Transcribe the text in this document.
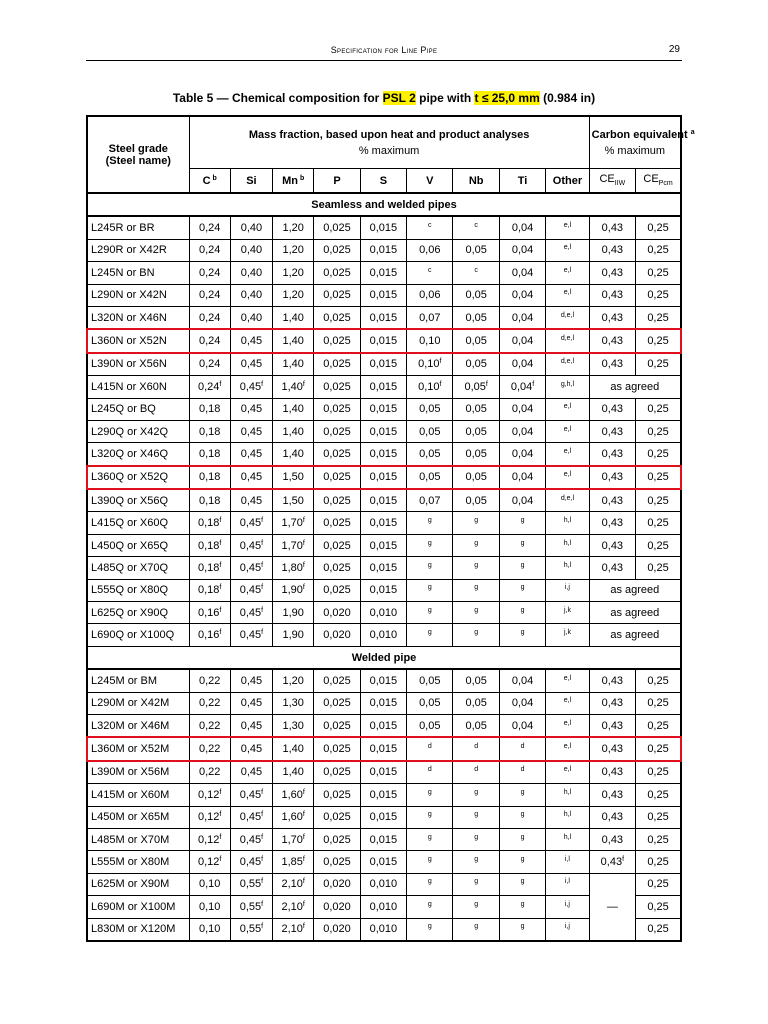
Specification for Line Pipe	29
Table 5 — Chemical composition for PSL 2 pipe with t ≤ 25,0 mm (0.984 in)
Steel grade
(Steel name)	Mass fraction, based upon heat and product analyses
% maximum									Carbon equivalent $^a$
% maximum	

	C $^b$	Si	Mn $^b$	P	S	V	Nb	Ti	Other	$CE_{IIW}$	$CE_{Pcm}$
Seamless and welded pipes											
L245R or BR	0,24	0,40	1,20	0,025	0,015	$^c$	$^c$	0,04	$^{e,l}$	0,43	0,25
L290R or X42R	0,24	0,40	1,20	0,025	0,015	0,06	0,05	0,04	$^{e,l}$	0,43	0,25
L245N or BN	0,24	0,40	1,20	0,025	0,015	$^c$	$^c$	0,04	$^{e,l}$	0,43	0,25
L290N or X42N	0,24	0,40	1,20	0,025	0,015	0,06	0,05	0,04	$^{e,l}$	0,43	0,25
L320N or X46N	0,24	0,40	1,40	0,025	0,015	0,07	0,05	0,04	$^{d,e,l}$	0,43	0,25
L360N or X52N	0,24	0,45	1,40	0,025	0,015	0,10	0,05	0,04	$^{d,e,l}$	0,43	0,25
L390N or X56N	0,24	0,45	1,40	0,025	0,015	0,10$^f$	0,05	0,04	$^{d,e,l}$	0,43	0,25
L415N or X60N	0,24$^f$	0,45$^f$	1,40$^f$	0,025	0,015	0,10$^f$	0,05$^f$	0,04$^f$	$^{g,h,l}$	as agreed	
L245Q or BQ	0,18	0,45	1,40	0,025	0,015	0,05	0,05	0,04	$^{e,l}$	0,43	0,25
L290Q or X42Q	0,18	0,45	1,40	0,025	0,015	0,05	0,05	0,04	$^{e,l}$	0,43	0,25
L320Q or X46Q	0,18	0,45	1,40	0,025	0,015	0,05	0,05	0,04	$^{e,l}$	0,43	0,25
L360Q or X52Q	0,18	0,45	1,50	0,025	0,015	0,05	0,05	0,04	$^{e,l}$	0,43	0,25
L390Q or X56Q	0,18	0,45	1,50	0,025	0,015	0,07	0,05	0,04	$^{d,e,l}$	0,43	0,25
L415Q or X60Q	0,18$^f$	0,45$^f$	1,70$^f$	0,025	0,015	$^g$	$^g$	$^g$	$^{h,l}$	0,43	0,25
L450Q or X65Q	0,18$^f$	0,45$^f$	1,70$^f$	0,025	0,015	$^g$	$^g$	$^g$	$^{h,l}$	0,43	0,25
L485Q or X70Q	0,18$^f$	0,45$^f$	1,80$^f$	0,025	0,015	$^g$	$^g$	$^g$	$^{h,l}$	0,43	0,25
L555Q or X80Q	0,18$^f$	0,45$^f$	1,90$^f$	0,025	0,015	$^g$	$^g$	$^g$	$^{i,j}$	as agreed	
L625Q or X90Q	0,16$^f$	0,45$^f$	1,90	0,020	0,010	$^g$	$^g$	$^g$	$^{j,k}$	as agreed	
L690Q or X100Q	0,16$^f$	0,45$^f$	1,90	0,020	0,010	$^g$	$^g$	$^g$	$^{j,k}$	as agreed	
Welded pipe											
L245M or BM	0,22	0,45	1,20	0,025	0,015	0,05	0,05	0,04	$^{e,l}$	0,43	0,25
L290M or X42M	0,22	0,45	1,30	0,025	0,015	0,05	0,05	0,04	$^{e,l}$	0,43	0,25
L320M or X46M	0,22	0,45	1,30	0,025	0,015	0,05	0,05	0,04	$^{e,l}$	0,43	0,25
L360M or X52M	0,22	0,45	1,40	0,025	0,015	$^d$	$^d$	$^d$	$^{e,l}$	0,43	0,25
L390M or X56M	0,22	0,45	1,40	0,025	0,015	$^d$	$^d$	$^d$	$^{e,l}$	0,43	0,25
L415M or X60M	0,12$^f$	0,45$^f$	1,60$^f$	0,025	0,015	$^g$	$^g$	$^g$	$^{h,l}$	0,43	0,25
L450M or X65M	0,12$^f$	0,45$^f$	1,60$^f$	0,025	0,015	$^g$	$^g$	$^g$	$^{h,l}$	0,43	0,25
L485M or X70M	0,12$^f$	0,45$^f$	1,70$^f$	0,025	0,015	$^g$	$^g$	$^g$	$^{h,l}$	0,43	0,25
L555M or X80M	0,12$^f$	0,45$^f$	1,85$^f$	0,025	0,015	$^g$	$^g$	$^g$	$^{i,l}$	0,43$^f$	0,25
L625M or X90M	0,10	0,55$^f$	2,10$^f$	0,020	0,010	$^g$	$^g$	$^g$	$^{i,l}$	—	0,25
L690M or X100M	0,10	0,55$^f$	2,10$^f$	0,020	0,010	$^g$	$^g$	$^g$	$^{i,j}$		0,25
L830M or X120M	0,10	0,55$^f$	2,10$^f$	0,020	0,010	$^g$	$^g$	$^g$	$^{i,j}$		0,25
